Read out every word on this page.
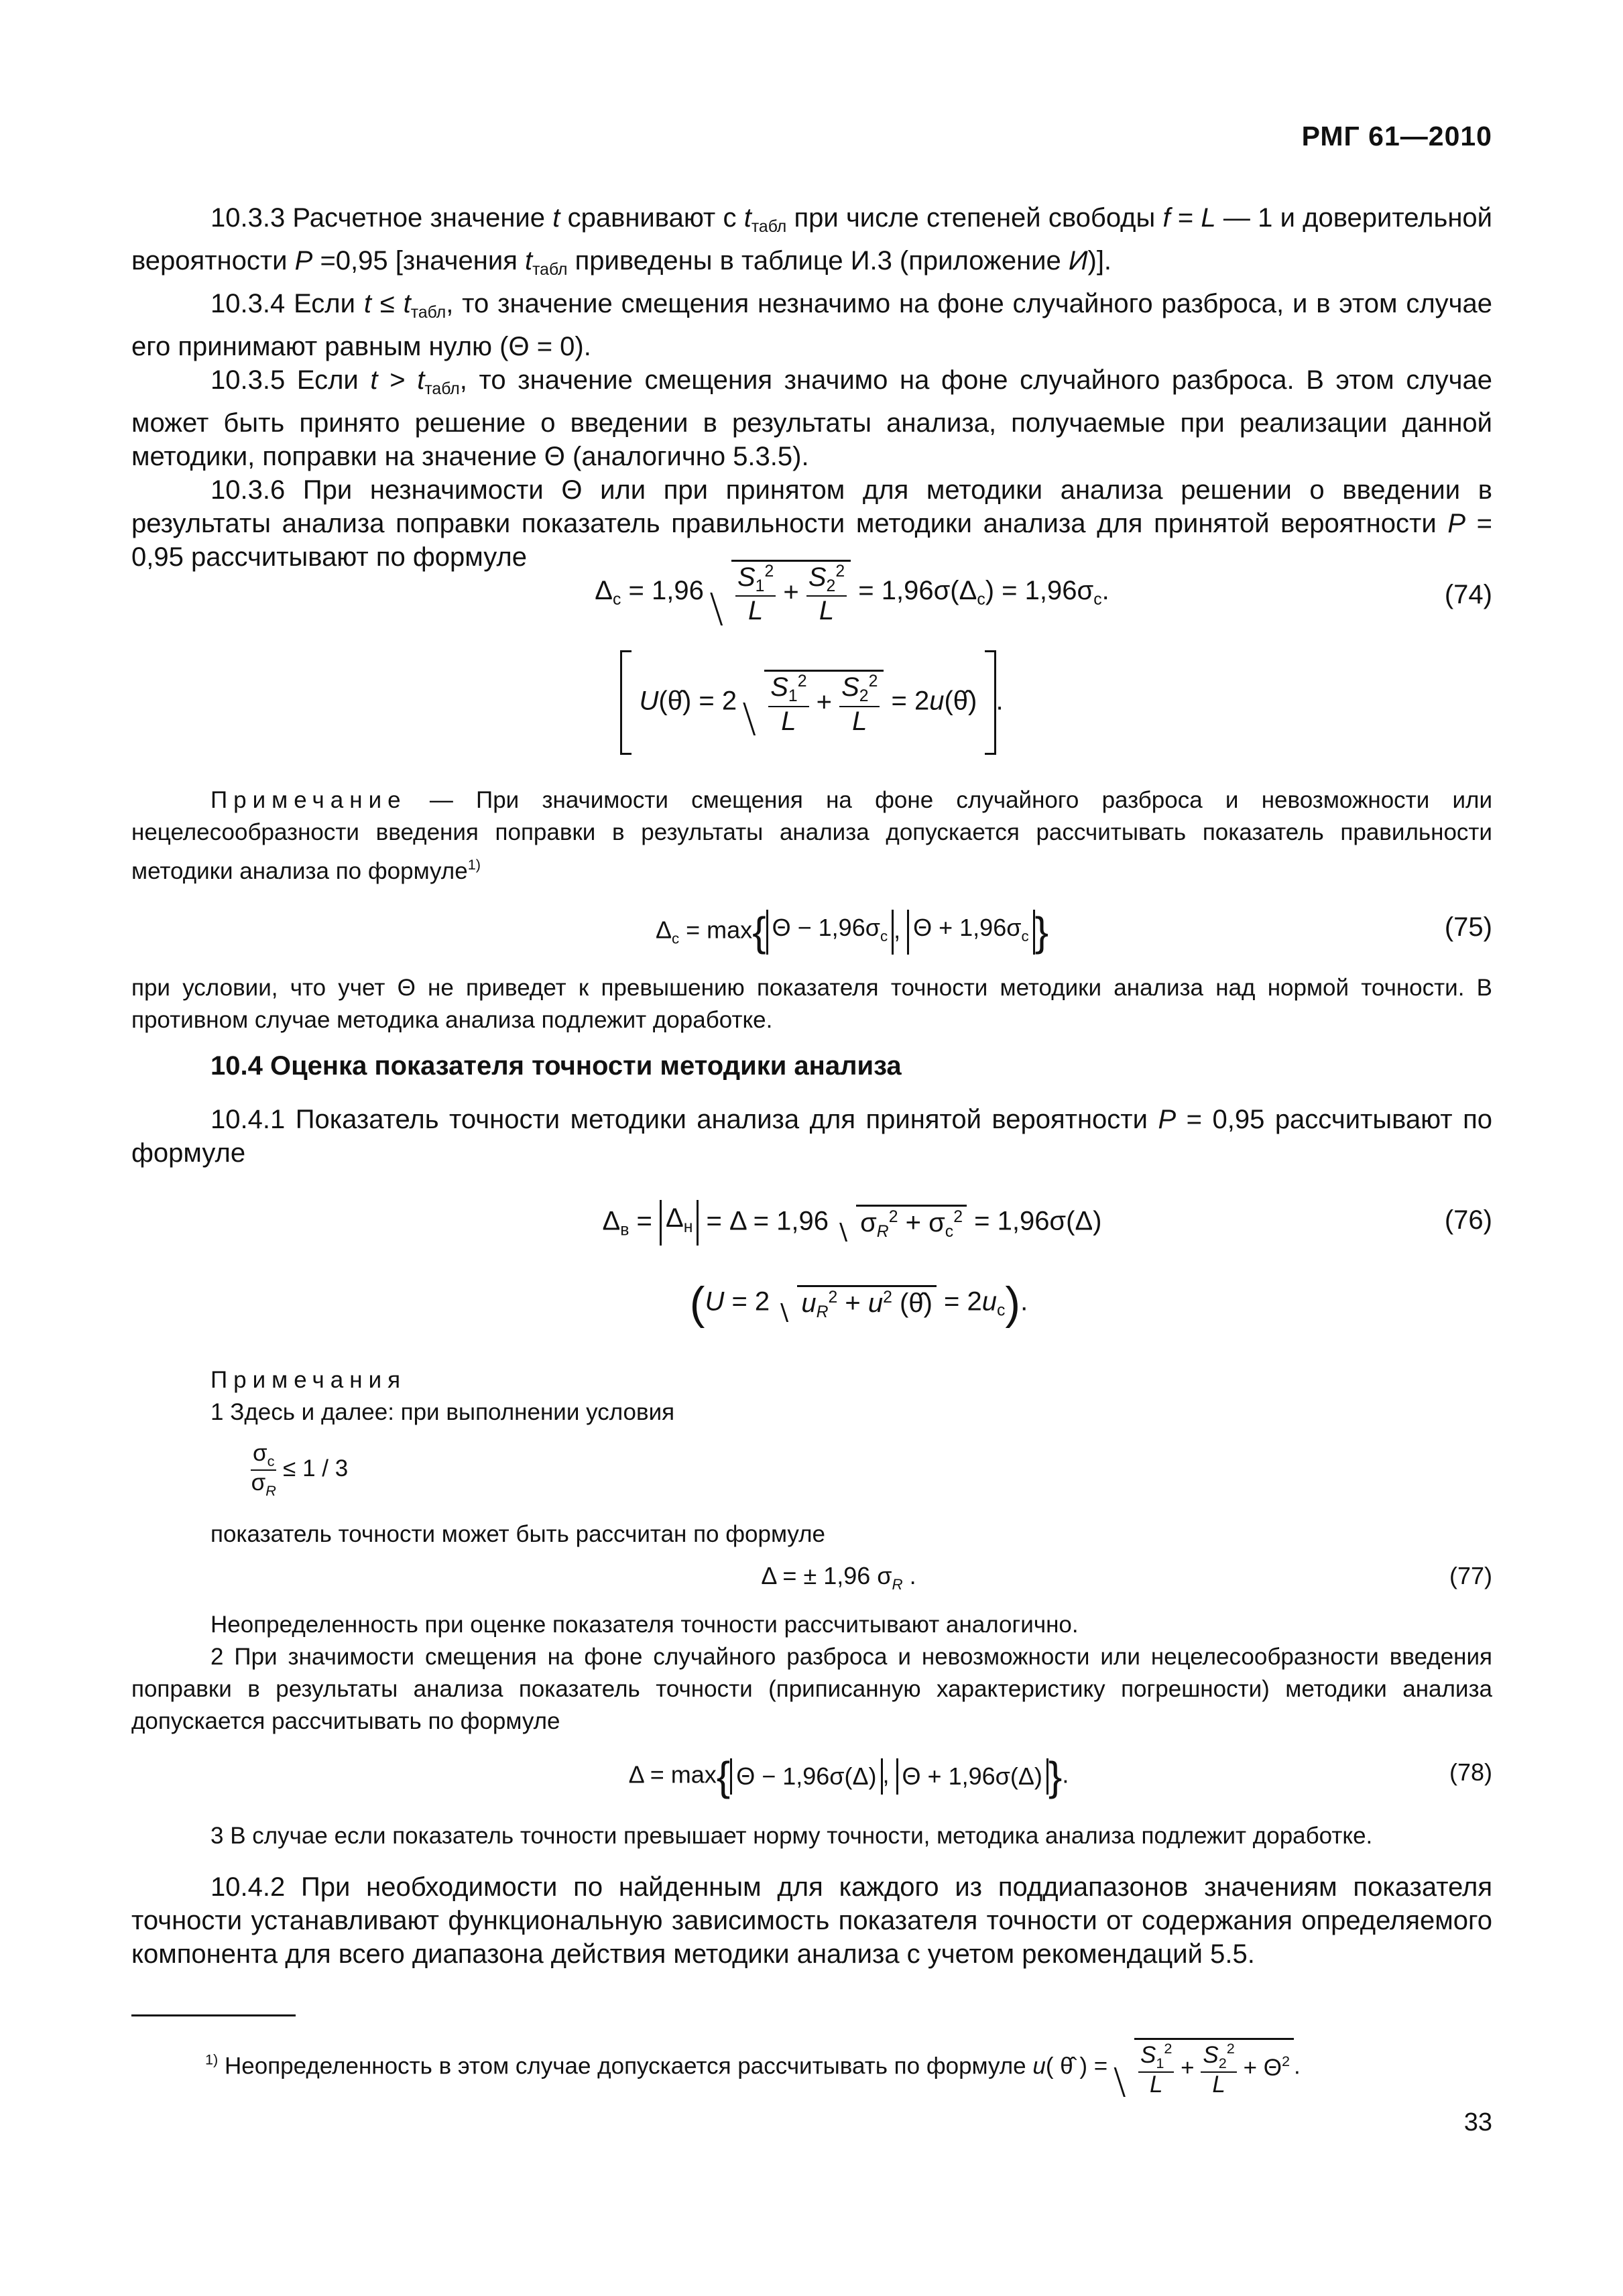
РМГ 61—2010

10.3.3 Расчетное значение t сравнивают с $t_{табл}$ при числе степеней свободы f = L — 1 и доверительной вероятности P =0,95 [значения $t_{табл}$ приведены в таблице И.3 (приложение И)].

10.3.4 Если $t \le t_{табл}$, то значение смещения незначимо на фоне случайного разброса, и в этом случае его принимают равным нулю (Θ = 0).

10.3.5 Если $t > t_{табл}$, то значение смещения значимо на фоне случайного разброса. В этом случае может быть принято решение о введении в результаты анализа, получаемые при реализации данной методики, поправки на значение Θ (аналогично 5.3.5).

10.3.6 При незначимости Θ или при принятом для методики анализа решении о введении в результаты анализа поправки показатель правильности методики анализа для принятой вероятности P = 0,95 рассчитывают по формуле

$\Delta_c = 1,96 \frac{S_1^2}{L} + \frac{S_2^2}{L} = 1,96\sigma(\Delta_c) = 1,96\sigma_c$.	(74)
U(θ̂) = $2 \frac{S_1^2}{L} + \frac{S_2^2}{L}$ = 2u(θ̂) .

Примечание — При значимости смещения на фоне случайного разброса и невозможности или нецелесообразности введения поправки в результаты анализа допускается рассчитывать показатель правильности методики анализа по формуле$^{1)}$

$\Delta_c = \max${ $\Theta - 1,96\sigma_c$ , $\Theta + 1,96\sigma_c$ }	(75)

при условии, что учет Θ не приведет к превышению показателя точности методики анализа над нормой точности. В противном случае методика анализа подлежит доработке.

10.4 Оценка показателя точности методики анализа

10.4.1 Показатель точности методики анализа для принятой вероятности P = 0,95 рассчитывают по формуле

$\Delta_в = \Delta_н = \Delta = 1,96$ $\sigma_R^2 + \sigma_c^2 = 1,96\sigma(\Delta)$	(76)
(U = 2 $u_R^2 + u^2$ (θ̂) = $2u_c$).

Примечания

1 Здесь и далее: при выполнении условия

$\frac{\sigma_c}{\sigma_R} \le 1 / 3$

показатель точности может быть рассчитан по формуле

Δ = ± 1,96 $\sigma_R$ .	(77)

Неопределенность при оценке показателя точности рассчитывают аналогично.

2 При значимости смещения на фоне случайного разброса и невозможности или нецелесообразности введения поправки в результаты анализа показатель точности (приписанную характеристику погрешности) методики анализа допускается рассчитывать по формуле

Δ = max{ Θ − 1,96σ(Δ) , Θ + 1,96σ(Δ) }.	(78)

3 В случае если показатель точности превышает норму точности, методика анализа подлежит доработке.

10.4.2 При необходимости по найденным для каждого из поддиапазонов значениям показателя точности устанавливают функциональную зависимость показателя точности от содержания определяемого компонента для всего диапазона действия методики анализа с учетом рекомендаций 5.5.

$^{1)}$ Неопределенность в этом случае допускается рассчитывать по формуле u( θ̂ ) = $\frac{S_1^2}{L} + \frac{S_2^2}{L} + \Theta^2$ .
33
